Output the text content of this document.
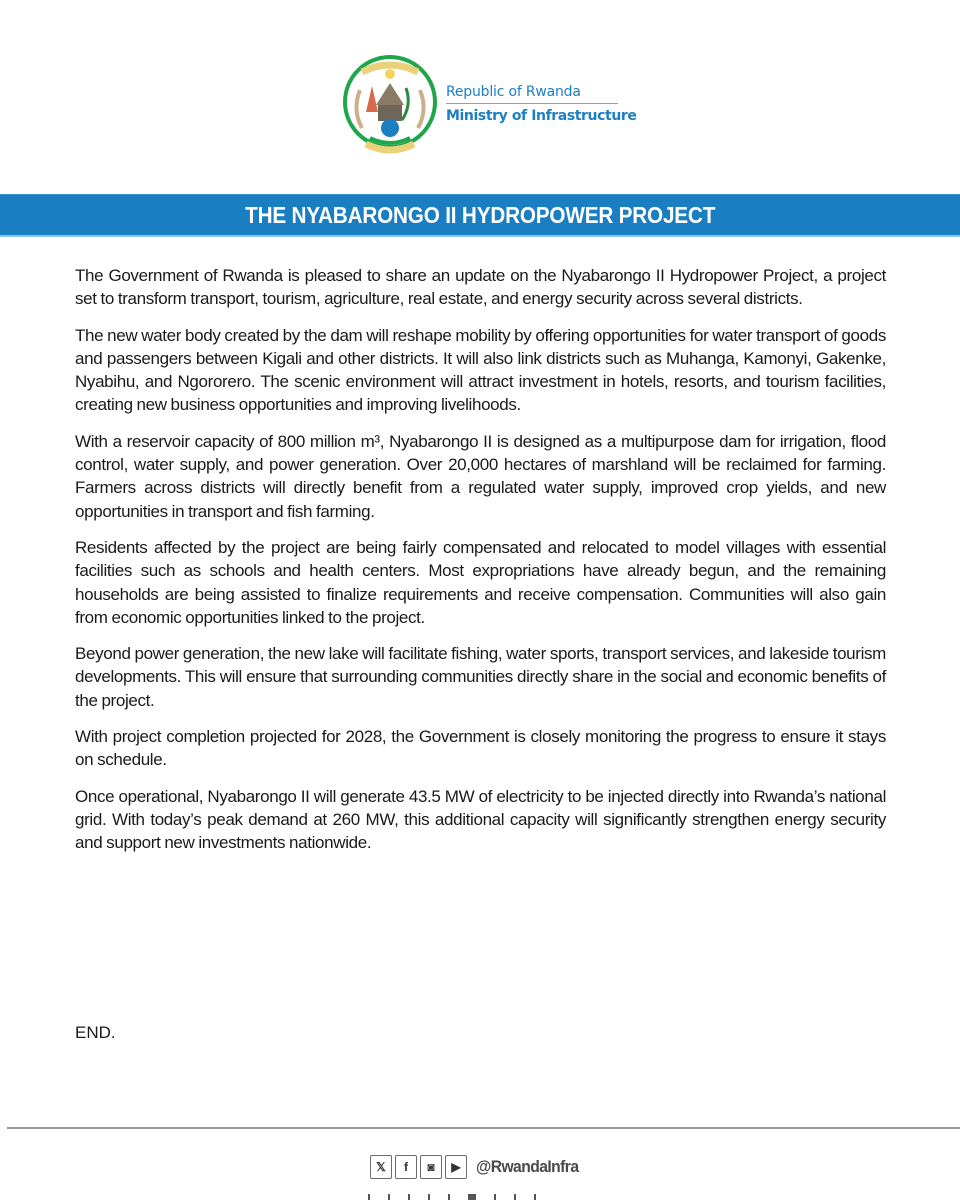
Republic of Rwanda
Ministry of Infrastructure
THE NYABARONGO II HYDROPOWER PROJECT

The Government of Rwanda is pleased to share an update on the Nyabarongo II Hydropower Project, a project set to transform transport, tourism, agriculture, real estate, and energy security across several districts.

The new water body created by the dam will reshape mobility by offering opportunities for water transport of goods and passengers between Kigali and other districts. It will also link districts such as Muhanga, Kamonyi, Gakenke, Nyabihu, and Ngororero. The scenic environment will attract investment in hotels, resorts, and tourism facilities, creating new business opportunities and improving livelihoods.

With a reservoir capacity of 800 million m³, Nyabarongo II is designed as a multipurpose dam for irrigation, flood control, water supply, and power generation. Over 20,000 hectares of marshland will be reclaimed for farming. Farmers across districts will directly benefit from a regulated water supply, improved crop yields, and new opportunities in transport and fish farming.

Residents affected by the project are being fairly compensated and relocated to model villages with essential facilities such as schools and health centers. Most expropriations have already begun, and the remaining households are being assisted to finalize requirements and receive compensation. Communities will also gain from economic opportunities linked to the project.

Beyond power generation, the new lake will facilitate fishing, water sports, transport services, and lakeside tourism developments. This will ensure that surrounding communities directly share in the social and economic benefits of the project.

With project completion projected for 2028, the Government is closely monitoring the progress to ensure it stays on schedule.

Once operational, Nyabarongo II will generate 43.5 MW of electricity to be injected directly into Rwanda’s national grid. With today’s peak demand at 260 MW, this additional capacity will significantly strengthen energy security and support new investments nationwide.

END.
𝕏	f	◙	▶ @RwandaInfra
